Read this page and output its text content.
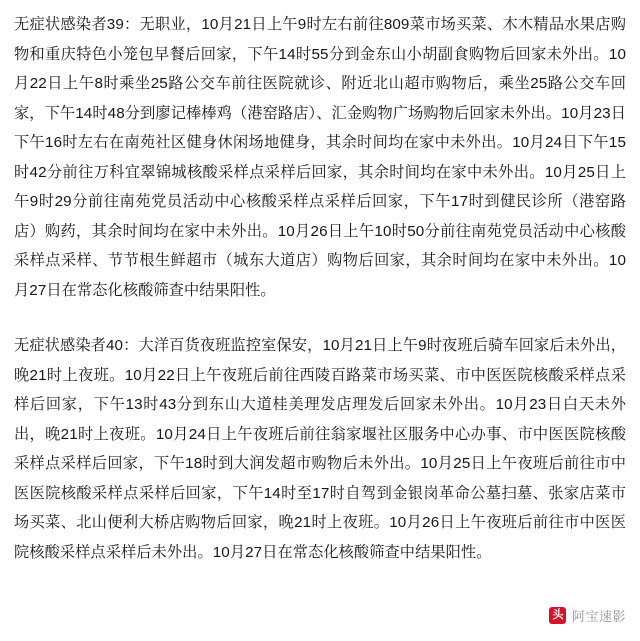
无症状感染者39：无职业，10月21日上午9时左右前往809菜市场买菜、木木精品水果店购物和重庆特色小笼包早餐后回家，下午14时55分到金东山小胡副食购物后回家未外出。10月22日上午8时乘坐25路公交车前往医院就诊、附近北山超市购物后，乘坐25路公交车回家，下午14时48分到廖记棒棒鸡（港窑路店）、汇金购物广场购物后回家未外出。10月23日下午16时左右在南苑社区健身休闲场地健身，其余时间均在家中未外出。10月24日下午15时42分前往万科宜翠锦城核酸采样点采样后回家，其余时间均在家中未外出。10月25日上午9时29分前往南苑党员活动中心核酸采样点采样后回家，下午17时到健民诊所（港窑路店）购药，其余时间均在家中未外出。10月26日上午10时50分前往南苑党员活动中心核酸采样点采样、节节根生鲜超市（城东大道店）购物后回家，其余时间均在家中未外出。10月27日在常态化核酸筛查中结果阳性。

无症状感染者40：大洋百货夜班监控室保安，10月21日上午9时夜班后骑车回家后未外出，晚21时上夜班。10月22日上午夜班后前往西陵百路菜市场买菜、市中医医院核酸采样点采样后回家，下午13时43分到东山大道桂美理发店理发后回家未外出。10月23日白天未外出，晚21时上夜班。10月24日上午夜班后前往翁家堰社区服务中心办事、市中医医院核酸采样点采样后回家，下午18时到大润发超市购物后未外出。10月25日上午夜班后前往市中医医院核酸采样点采样后回家，下午14时至17时自驾到金银岗革命公墓扫墓、张家店菜市场买菜、北山便利大桥店购物后回家，晚21时上夜班。10月26日上午夜班后前往市中医医院核酸采样点采样后未外出。10月27日在常态化核酸筛查中结果阳性。

头条
阿宝速影
